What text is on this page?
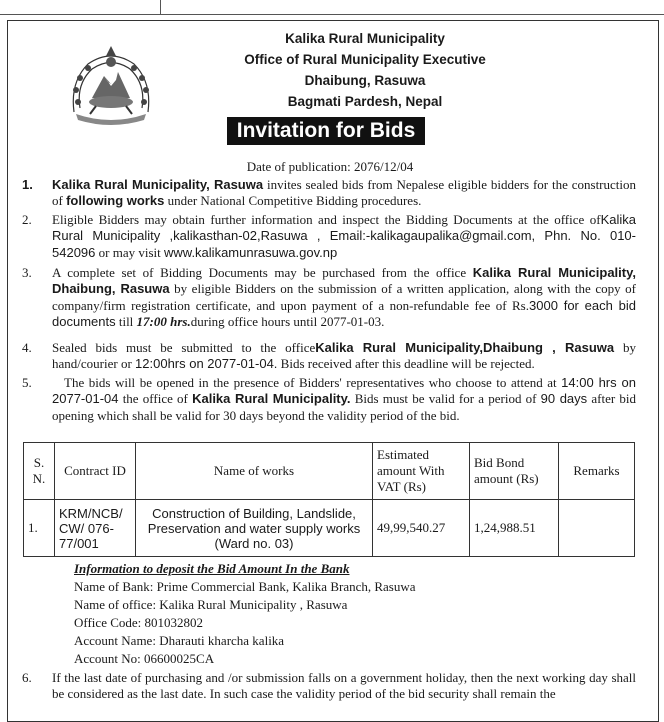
Kalika Rural Municipality
Office of Rural Municipality Executive
Dhaibung, Rasuwa
Bagmati Pardesh, Nepal
Invitation for Bids
Date of publication: 2076/12/04
1. Kalika Rural Municipality, Rasuwa invites sealed bids from Nepalese eligible bidders for the construction of following works under National Competitive Bidding procedures.
2. Eligible Bidders may obtain further information and inspect the Bidding Documents at the office ofKalika Rural Municipality ,kalikasthan-02,Rasuwa , Email:-kalikagaupalika@gmail.com, Phn. No. 010-542096 or may visit www.kalikamunrasuwa.gov.np
3. A complete set of Bidding Documents may be purchased from the office Kalika Rural Municipality, Dhaibung, Rasuwa by eligible Bidders on the submission of a written application, along with the copy of company/firm registration certificate, and upon payment of a non-refundable fee of Rs.3000 for each bid documents till 17:00 hrs.during office hours until 2077-01-03.
4. Sealed bids must be submitted to the officeKalika Rural Municipality,Dhaibung , Rasuwa by hand/courier or 12:00hrs on 2077-01-04. Bids received after this deadline will be rejected.
5.	The bids will be opened in the presence of Bidders' representatives who choose to attend at 14:00 hrs on 2077-01-04 the office of Kalika Rural Municipality. Bids must be valid for a period of 90 days after bid opening which shall be valid for 30 days beyond the validity period of the bid.
S. N.	Contract ID	Name of works	Estimated amount With VAT (Rs)	Bid Bond amount (Rs)	Remarks
1.	KRM/NCB/ CW/ 076-77/001	Construction of Building, Landslide, Preservation and water supply works (Ward no. 03)	49,99,540.27	1,24,988.51	
Information to deposit the Bid Amount In the Bank
Name of Bank: Prime Commercial Bank, Kalika Branch, Rasuwa
Name of office: Kalika Rural Municipality , Rasuwa
Office Code: 801032802
Account Name: Dharauti kharcha kalika
Account No: 06600025CA
6. If the last date of purchasing and /or submission falls on a government holiday, then the next working day shall be considered as the last date. In such case the validity period of the bid security shall remain the
